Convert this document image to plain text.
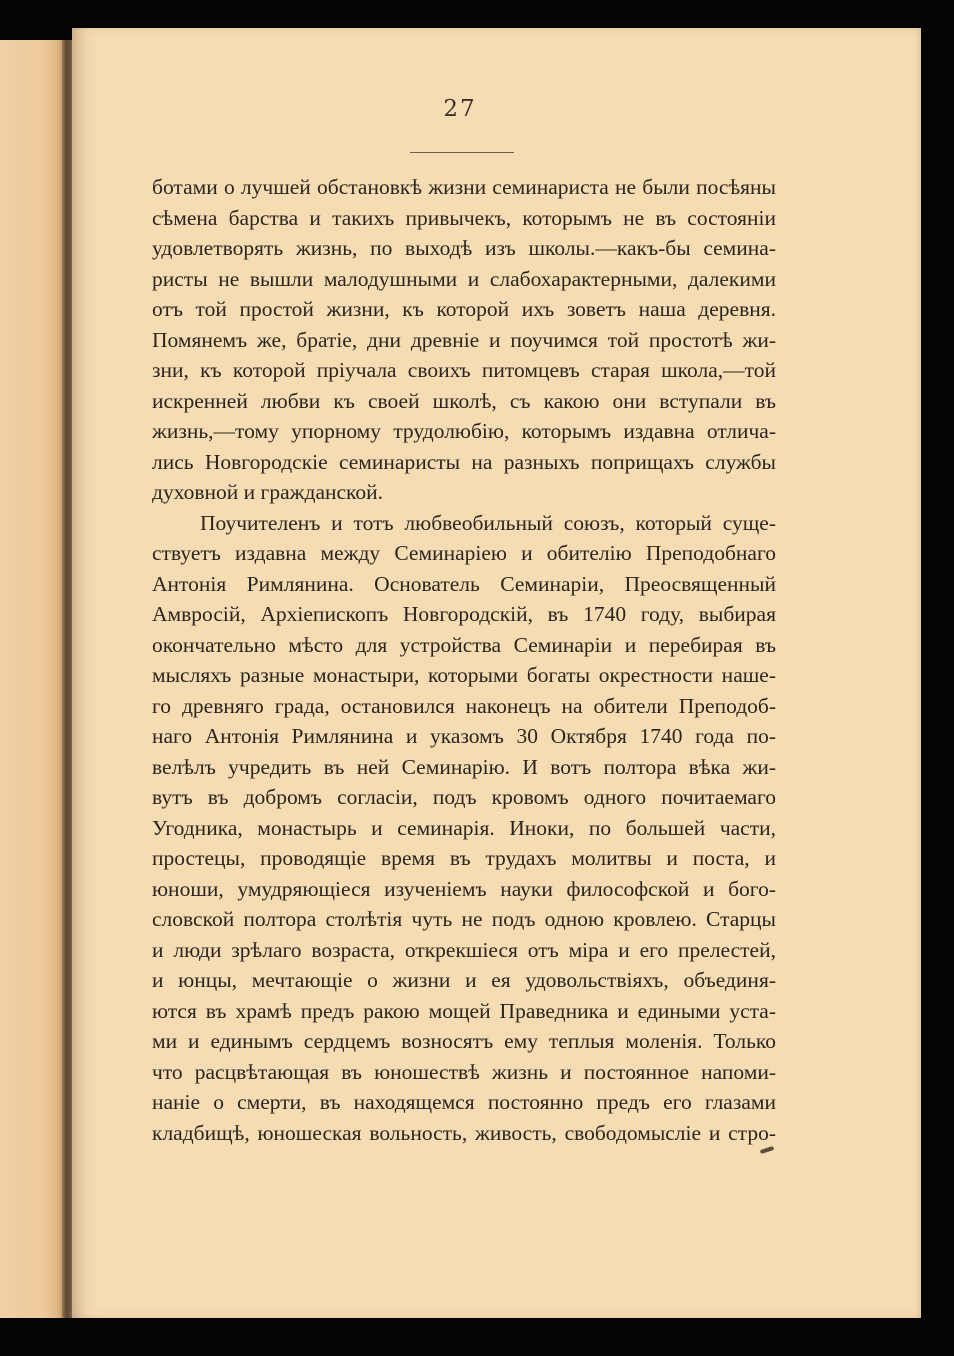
27
ботами о лучшей обстановкѣ жизни семинариста не были посѣяны
сѣмена барства и такихъ привычекъ, которымъ не въ состояніи
удовлетворять жизнь, по выходѣ изъ школы.—какъ-бы семина-
ристы не вышли малодушными и слабохарактерными, далекими
отъ той простой жизни, къ которой ихъ зоветъ наша деревня.
Помянемъ же, братіе, дни древніе и поучимся той простотѣ жи-
зни, къ которой пріучала своихъ питомцевъ старая школа,—той
искренней любви къ своей школѣ, съ какою они вступали въ
жизнь,—тому упорному трудолюбію, которымъ издавна отлича-
лись Новгородскіе семинаристы на разныхъ поприщахъ службы
духовной и гражданской.
Поучителенъ и тотъ любвеобильный союзъ, который суще-
ствуетъ издавна между Семинаріею и обителію Преподобнаго
Антонія Римлянина. Основатель Семинаріи, Преосвященный
Амвросій, Архіепископъ Новгородскій, въ 1740 году, выбирая
окончательно мѣсто для устройства Семинаріи и перебирая въ
мысляхъ разные монастыри, которыми богаты окрестности наше-
го древняго града, остановился наконецъ на обители Преподоб-
наго Антонія Римлянина и указомъ 30 Октября 1740 года по-
велѣлъ учредить въ ней Семинарію. И вотъ полтора вѣка жи-
вутъ въ добромъ согласіи, подъ кровомъ одного почитаемаго
Угодника, монастырь и семинарія. Иноки, по большей части,
простецы, проводящіе время въ трудахъ молитвы и поста, и
юноши, умудряющіеся изученіемъ науки философской и бого-
словской полтора столѣтія чуть не подъ одною кровлею. Старцы
и люди зрѣлаго возраста, открекшіеся отъ міра и его прелестей,
и юнцы, мечтающіе о жизни и ея удовольствіяхъ, объединя-
ются въ храмѣ предъ ракою мощей Праведника и едиными уста-
ми и единымъ сердцемъ возносятъ ему теплыя моленія. Только
что расцвѣтающая въ юношествѣ жизнь и постоянное напоми-
наніе о смерти, въ находящемся постоянно предъ его глазами
кладбищѣ, юношеская вольность, живость, свободомысліе и стро-
